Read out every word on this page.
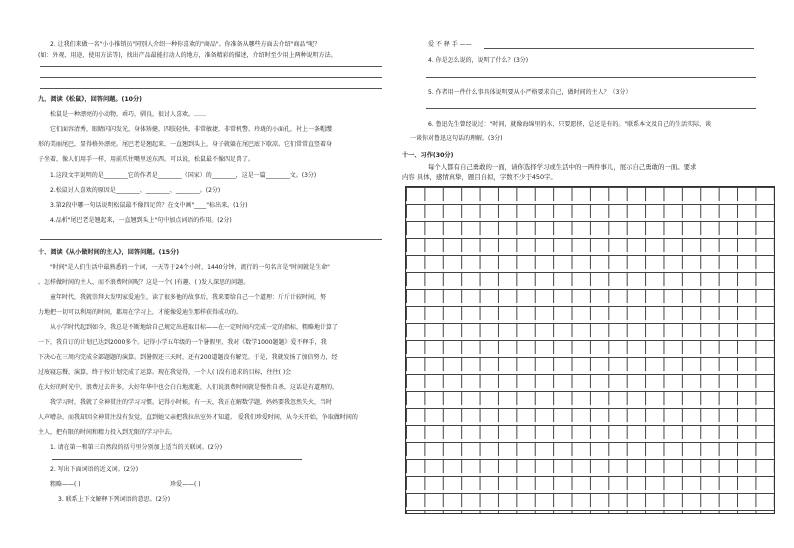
2. 让我们来做一名"小小推销员"同别人介绍一种你喜欢的"商品"。你准备从哪些方面去介绍"商品"呢？
(如：外观、用途、使用方法等)，找出产品最能打动人的地方，准备精彩的描述，介绍时至少用上两种说明方法。
九、阅读《松鼠》，回答问题。(10分)
松鼠是一种漂亮的小动物，乖巧，驯良，很讨人喜欢。……
它们面容清秀，眼睛闪闪发光，身体矫健，四肢轻快，非常敏捷，非常机警。玲珑的小面孔，衬上一条帽缨
形的美丽尾巴，显得格外漂亮。尾巴老是翘起来，一直翘到头上，身子就躲在尾巴底下歇凉。它们常常直竖着身
子坐着，像人们用手一样，用前爪往嘴里送东西。可以说，松鼠最不像四足兽了。
1.这段文字说明的是________它的作者是________（国家）的________，这是一篇________文。(3分)
2.松鼠讨人喜欢的原因是________、________、________。(2分)
3.第2段中哪一句话说明松鼠最不像四足兽？在文中画"____"标出来。(1分)
4.品析"尾巴老是翘起来，一直翘到头上"句中加点词语的作用。(2分)
十、阅读《从小做时间的主人》，回答问题。(15分)
"时间"是人们生活中最熟悉的一个词，一天等于24个小时，1440分钟，流行的一句名言是"时间就是生命"
。怎样做时间的主人，而不浪费时间呢？这是一个( )有趣、( )发人深思的问题。
童年时代，我就崇拜大发明家爱迪生，读了很多他的故事后，我来要给自己一个道理：斤斤计较时间，努
力地把一切可以利用的时间，都用在学习上，才能像爱迪生那样获得成功的。
从小学时代起到如今，我总是不断地给自己规定出进取目标——在一定时间内完成一定的指标，粗略地计算了
一下，我自订的计划已达到2000多个。记得小学五年级的一个暑假里，我对《数学1000题题》爱不释手，我
下决心在三周内完成全部题题的演算。到暑假还三天时，还有200道题没有解完。于是，我就发扬了加倍努力，经
过废寝忘餐，演算，终于按计划完成了运算。现在我觉得，一个人( )没有追求的目标，往往( )会
在大好的时光中，浪费过去许多，大好年华中也会白白地流逝，人们说浪费时间就是慢性自杀，这话是有道理的。
我学习时，我就了全神贯注的学习习惯。记得小时候，有一天，我正在解数学题，妈妈要我忽然失火，当时
人声嘈杂，而我却因全神贯注没有发觉，直到她父亲把我拉出室外才知道。 爱我们珍爱时间，从今天开始，争取做时间的
主人，把有限的时间和精力投入到无限的学习中去。
1. 请在第一和第三自然段的括号里分别加上适当的关联词。(2分)
2. 写出下面词语的近义词。(2分)
粗略——( )	珍爱——( )
3. 联系上下文解释下列词语的意思。(2分)
爱 不 释 手 ——
4. 你是怎么说的，说明了什么？(3分)
5. 作者用一件什么事具体说明要从小严格要求自己，做时间的主人？（3分）
6. 鲁迅先生曾经说过："时间，就像海绵里的水，只要愿挤，总还是有的。"联系本文及自己的生活实际，谈
一谈你对鲁迅这句话的理解。(3分)
十一、习作(30分)
每个人都有自己勇敢的一面，请你选择学习或生活中的一两件事儿，展示自己勇敢的一面。要求
内容 具体，感情真挚，题目自拟，字数不少于450字。
